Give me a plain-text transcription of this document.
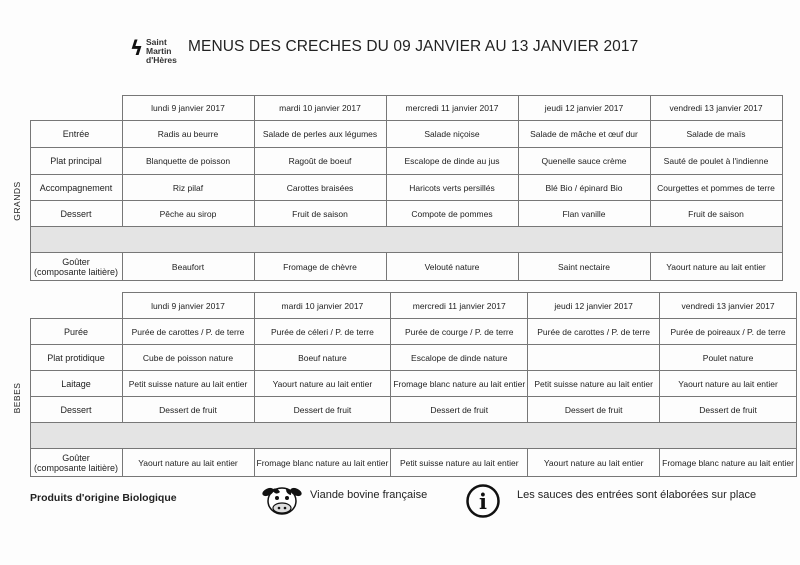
ϟ Saint
Martin
d'Hères
MENUS DES CRECHES DU 09 JANVIER AU 13 JANVIER 2017
		lundi 9 janvier 2017	mardi 10 janvier 2017	mercredi 11 janvier 2017	jeudi 12 janvier 2017	vendredi 13 janvier 2017

GRANDS	Entrée	Radis au beurre	Salade de perles aux légumes	Salade niçoise	Salade de mâche et œuf dur	Salade de maïs
	Plat principal	Blanquette de poisson	Ragoût de boeuf	Escalope de dinde au jus	Quenelle sauce crème	Sauté de poulet à l'indienne
	Accompagnement	Riz pilaf	Carottes braisées	Haricots verts persillés	Blé Bio / épinard Bio	Courgettes et pommes de terre
	Dessert	Pêche au sirop	Fruit de saison	Compote de pommes	Flan vanille	Fruit de saison

	Goûter
(composante laitière)	Beaufort	Fromage de chèvre	Velouté nature	Saint nectaire	Yaourt nature au lait entier
		lundi 9 janvier 2017	mardi 10 janvier 2017	mercredi 11 janvier 2017	jeudi 12 janvier 2017	vendredi 13 janvier 2017

BEBES	Purée	Purée de carottes / P. de terre	Purée de céleri / P. de terre	Purée de courge / P. de terre	Purée de carottes / P. de terre	Purée de poireaux / P. de terre
	Plat protidique	Cube de poisson nature	Boeuf nature	Escalope de dinde nature		Poulet nature
	Laitage	Petit suisse nature au lait entier	Yaourt nature au lait entier	Fromage blanc nature au lait entier	Petit suisse nature au lait entier	Yaourt nature au lait entier
	Dessert	Dessert de fruit	Dessert de fruit	Dessert de fruit	Dessert de fruit	Dessert de fruit

	Goûter
(composante laitière)	Yaourt nature au lait entier	Fromage blanc nature au lait entier	Petit suisse nature au lait entier	Yaourt nature au lait entier	Fromage blanc nature au lait entier
Produits d'origine Biologique	Viande bovine française i	Les sauces des entrées sont élaborées sur place
